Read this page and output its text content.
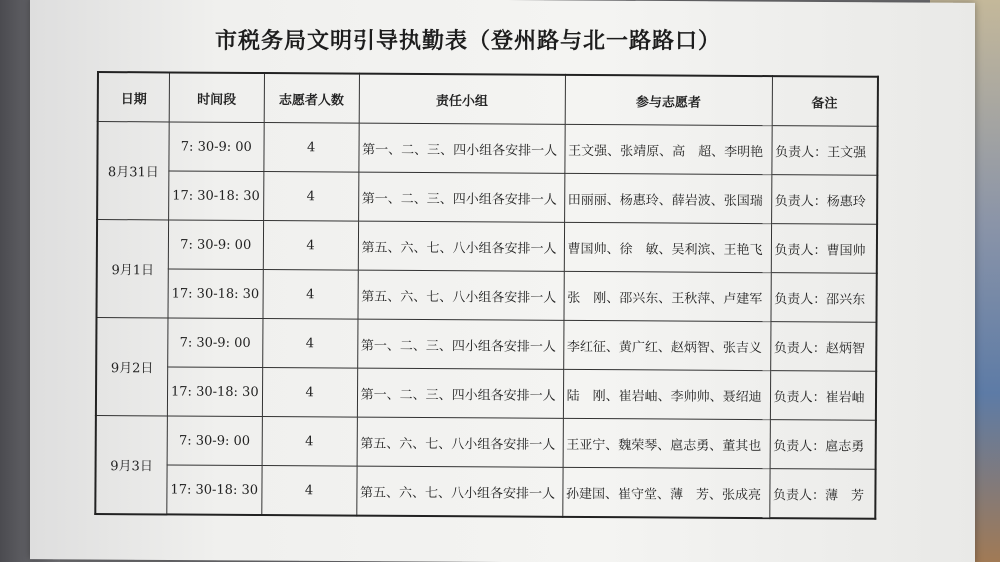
市税务局文明引导执勤表（登州路与北一路路口）
日期	时间段	志愿者人数	责任小组	参与志愿者	备注
8月31日	7: 30-9: 00	4	第一、二、三、四小组各安排一人	王文强、张靖原、高　超、李明艳	负责人：王文强
	17: 30-18: 30	4	第一、二、三、四小组各安排一人	田丽丽、杨惠玲、薛岩波、张国瑞	负责人：杨惠玲
9月1日	7: 30-9: 00	4	第五、六、七、八小组各安排一人	曹国帅、徐　敏、吴利滨、王艳飞	负责人：曹国帅
	17: 30-18: 30	4	第五、六、七、八小组各安排一人	张　刚、邵兴东、王秋萍、卢建军	负责人：邵兴东
9月2日	7: 30-9: 00	4	第一、二、三、四小组各安排一人	李红征、黄广红、赵炳智、张吉义	负责人：赵炳智
	17: 30-18: 30	4	第一、二、三、四小组各安排一人	陆　刚、崔岩岫、李帅帅、聂绍迪	负责人：崔岩岫
9月3日	7: 30-9: 00	4	第五、六、七、八小组各安排一人	王亚宁、魏荣琴、扈志勇、董其也	负责人：扈志勇
	17: 30-18: 30	4	第五、六、七、八小组各安排一人	孙建国、崔守堂、薄　芳、张成亮	负责人：薄　芳
